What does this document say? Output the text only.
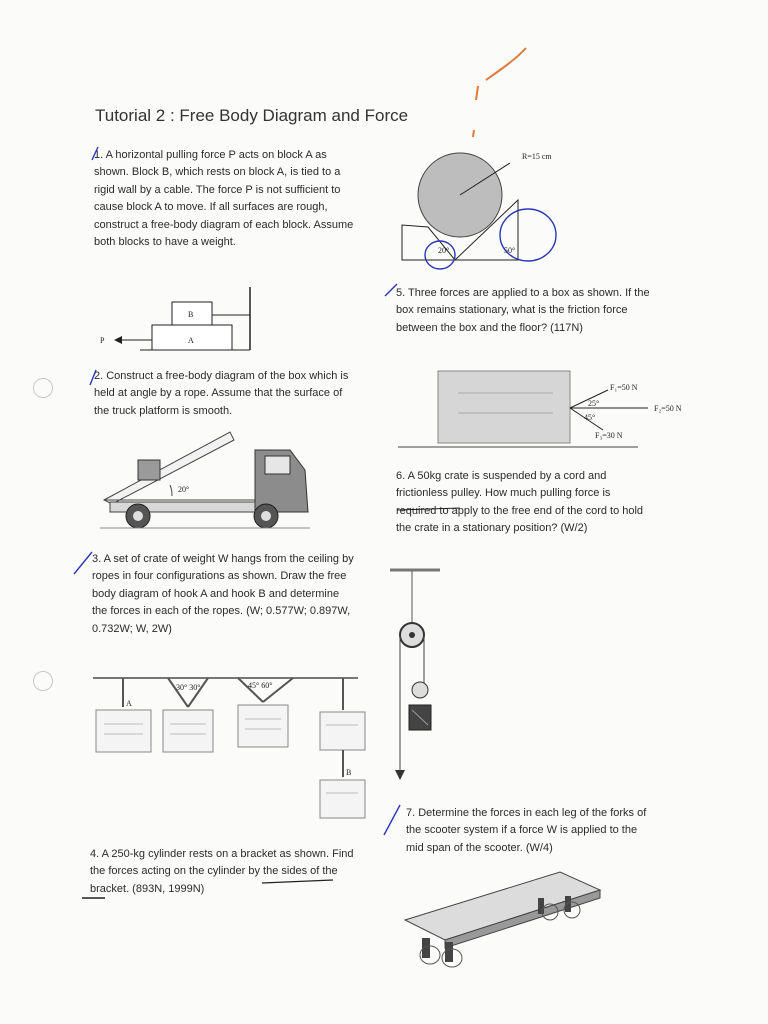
Tutorial 2 : Free Body Diagram and Force
1. A horizontal pulling force P acts on block A as shown. Block B, which rests on block A, is tied to a rigid wall by a cable. The force P is not sufficient to cause block A to move. If all surfaces are rough, construct a free-body diagram of each block. Assume both blocks to have a weight.
P	A
B
2. Construct a free-body diagram of the box which is held at angle by a rope. Assume that the surface of the truck platform is smooth.
20°
3. A set of crate of weight W hangs from the ceiling by ropes in four configurations as shown. Draw the free body diagram of hook A and hook B and determine the forces in each of the ropes. (W; 0.577W; 0.897W, 0.732W; W, 2W)
A
30° 30°	45° 60°
B
4. A 250-kg cylinder rests on a bracket as shown. Find the forces acting on the cylinder by the sides of the bracket. (893N, 1999N)
R=15 cm
20°	50°
5. Three forces are applied to a box as shown. If the box remains stationary, what is the friction force between the box and the floor? (117N)
F₁=50 N
F₂=50 N
F₃=30 N
25°
45°
6. A 50kg crate is suspended by a cord and frictionless pulley. How much pulling force is required to apply to the free end of the cord to hold the crate in a stationary position? (W/2)
7. Determine the forces in each leg of the forks of the scooter system if a force W is applied to the mid span of the scooter. (W/4)
